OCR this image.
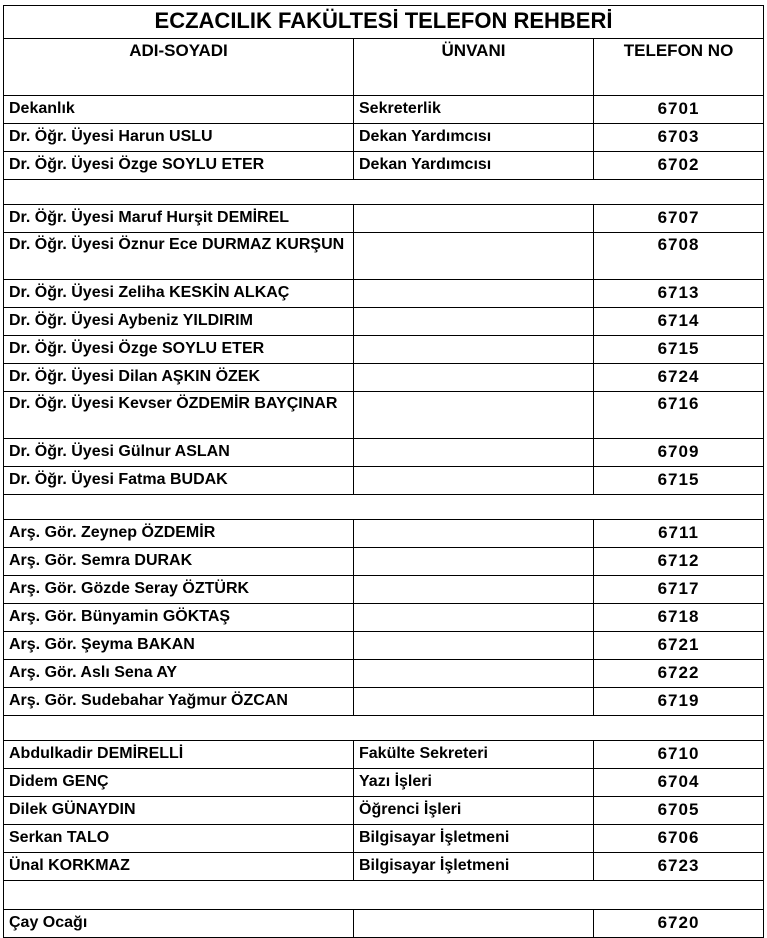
ECZACILIK FAKÜLTESİ TELEFON REHBERİ		
ADI-SOYADI	ÜNVANI	TELEFON NO
Dekanlık	Sekreterlik	6701
Dr. Öğr. Üyesi Harun USLU	Dekan Yardımcısı	6703
Dr. Öğr. Üyesi Özge SOYLU ETER	Dekan Yardımcısı	6702

Dr. Öğr. Üyesi Maruf Hurşit DEMİREL		6707
Dr. Öğr. Üyesi Öznur Ece DURMAZ KURŞUN		6708
Dr. Öğr. Üyesi Zeliha KESKİN ALKAÇ		6713
Dr. Öğr. Üyesi Aybeniz YILDIRIM		6714
Dr. Öğr. Üyesi Özge SOYLU ETER		6715
Dr. Öğr. Üyesi Dilan AŞKIN ÖZEK		6724
Dr. Öğr. Üyesi Kevser ÖZDEMİR BAYÇINAR		6716
Dr. Öğr. Üyesi Gülnur ASLAN		6709
Dr. Öğr. Üyesi Fatma BUDAK		6715

Arş. Gör. Zeynep ÖZDEMİR		6711
Arş. Gör. Semra DURAK		6712
Arş. Gör. Gözde Seray ÖZTÜRK		6717
Arş. Gör. Bünyamin GÖKTAŞ		6718
Arş. Gör. Şeyma BAKAN		6721
Arş. Gör. Aslı Sena AY		6722
Arş. Gör. Sudebahar Yağmur ÖZCAN		6719

Abdulkadir DEMİRELLİ	Fakülte Sekreteri	6710
Didem GENÇ	Yazı İşleri	6704
Dilek GÜNAYDIN	Öğrenci İşleri	6705
Serkan TALO	Bilgisayar İşletmeni	6706
Ünal KORKMAZ	Bilgisayar İşletmeni	6723

Çay Ocağı		6720
